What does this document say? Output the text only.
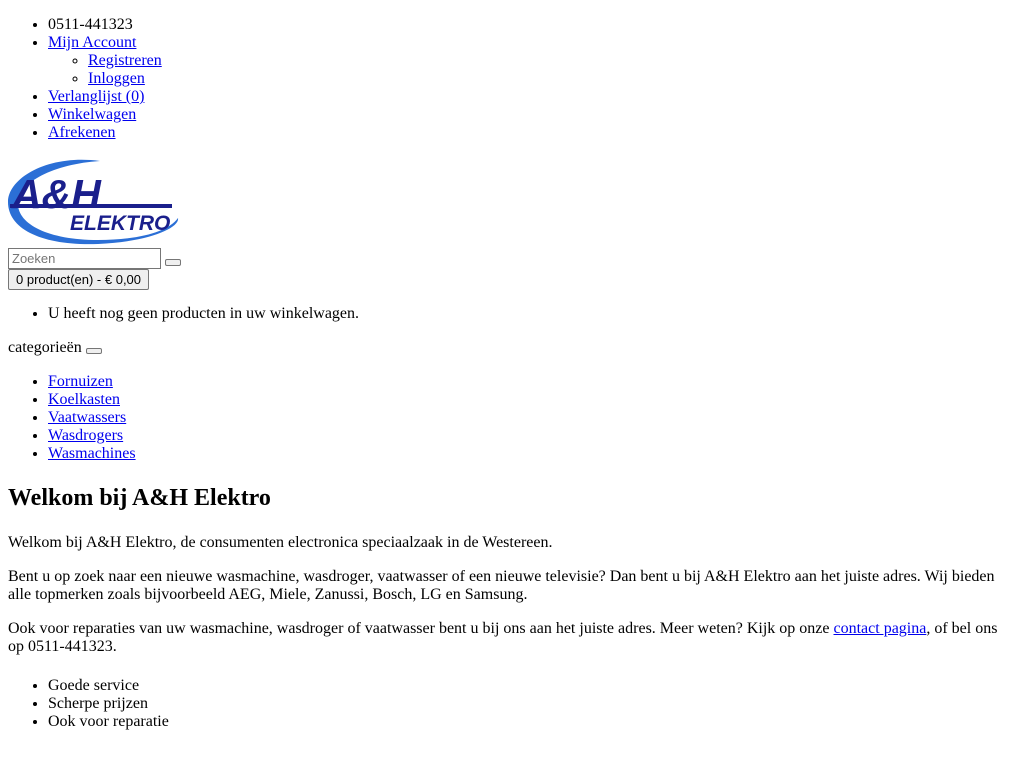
• 0511-441323
• Mijn Account
◦ Registreren
◦ Inloggen
• Verlanglijst (0)
• Winkelwagen
• Afrekenen
A&H
ELEKTRO
Zoeken
0 product(en) - € 0,00
• U heeft nog geen producten in uw winkelwagen.
categorieën
• Fornuizen
• Koelkasten
• Vaatwassers
• Wasdrogers
• Wasmachines
Welkom bij A&H Elektro

Welkom bij A&H Elektro, de consumenten electronica speciaalzaak in de Westereen.

Bent u op zoek naar een nieuwe wasmachine, wasdroger, vaatwasser of een nieuwe televisie? Dan bent u bij A&H Elektro aan het juiste adres. Wij bieden alle topmerken zoals bijvoorbeeld AEG, Miele, Zanussi, Bosch, LG en Samsung.

Ook voor reparaties van uw wasmachine, wasdroger of vaatwasser bent u bij ons aan het juiste adres. Meer weten? Kijk op onze contact pagina, of bel ons op 0511-441323.

• Goede service
• Scherpe prijzen
• Ook voor reparatie
